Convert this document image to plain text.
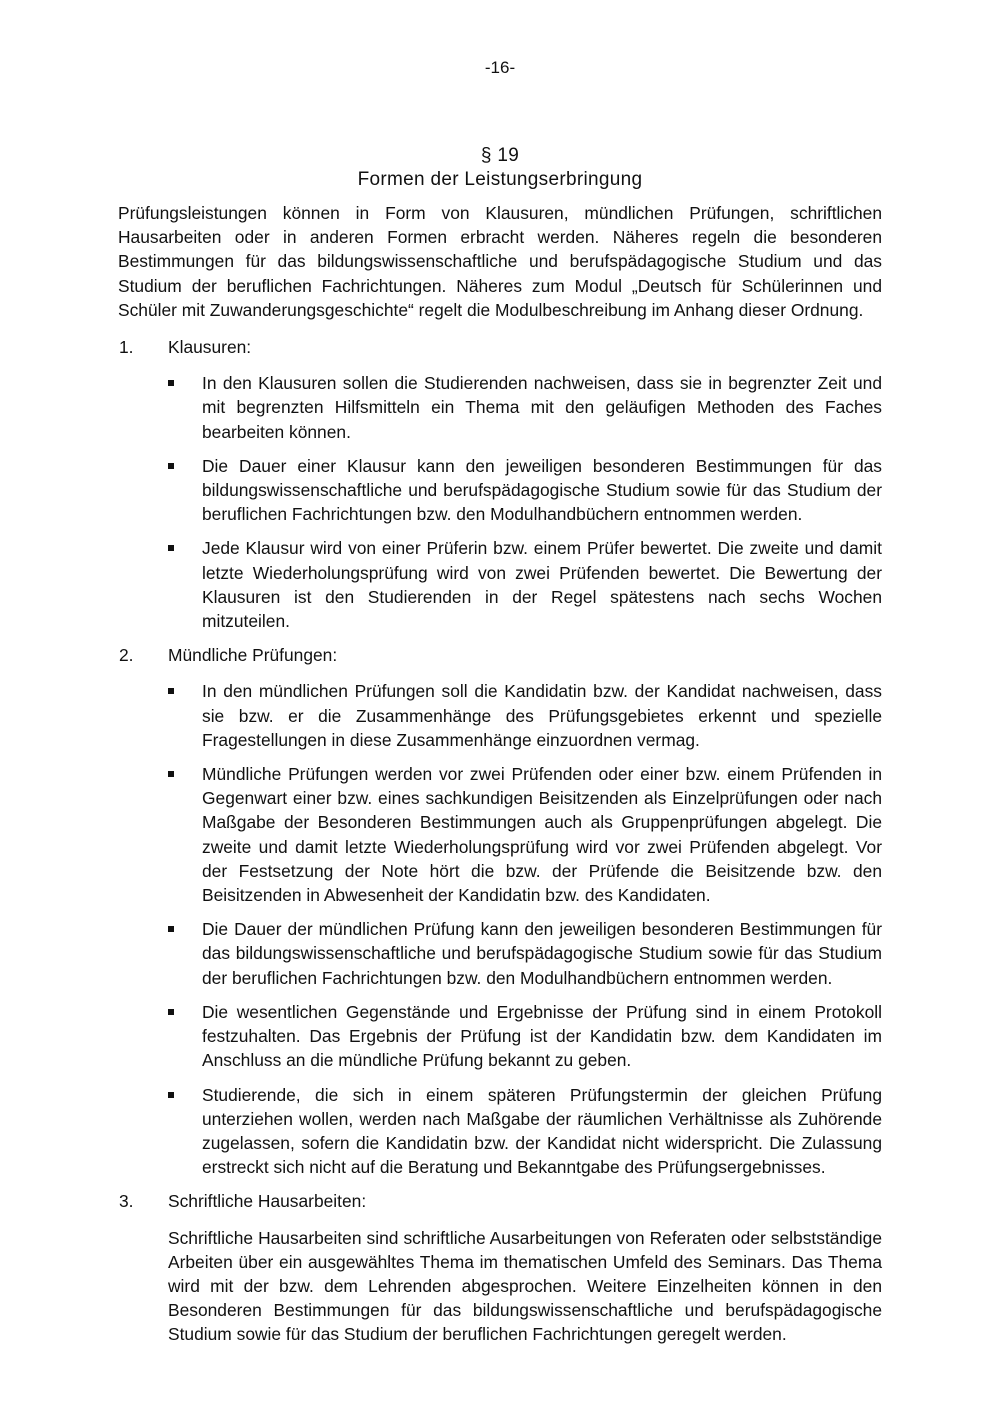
-16-
§ 19
Formen der Leistungserbringung

Prüfungsleistungen können in Form von Klausuren, mündlichen Prüfungen, schriftlichen Hausarbeiten oder in anderen Formen erbracht werden. Näheres regeln die besonderen Bestimmungen für das bildungswissenschaftliche und berufspädagogische Studium und das Studium der beruflichen Fachrichtungen. Näheres zum Modul „Deutsch für Schülerinnen und Schüler mit Zuwanderungsgeschichte“ regelt die Modulbeschreibung im Anhang dieser Ordnung.

1. Klausuren:

In den Klausuren sollen die Studierenden nachweisen, dass sie in begrenzter Zeit und mit begrenzten Hilfsmitteln ein Thema mit den geläufigen Methoden des Faches bearbeiten können.

Die Dauer einer Klausur kann den jeweiligen besonderen Bestimmungen für das bildungswissenschaftliche und berufspädagogische Studium sowie für das Studium der beruflichen Fachrichtungen bzw. den Modulhandbüchern entnommen werden.

Jede Klausur wird von einer Prüferin bzw. einem Prüfer bewertet. Die zweite und damit letzte Wiederholungsprüfung wird von zwei Prüfenden bewertet. Die Bewertung der Klausuren ist den Studierenden in der Regel spätestens nach sechs Wochen mitzuteilen.

2. Mündliche Prüfungen:

In den mündlichen Prüfungen soll die Kandidatin bzw. der Kandidat nachweisen, dass sie bzw. er die Zusammenhänge des Prüfungsgebietes erkennt und spezielle Fragestellungen in diese Zusammenhänge einzuordnen vermag.

Mündliche Prüfungen werden vor zwei Prüfenden oder einer bzw. einem Prüfenden in Gegenwart einer bzw. eines sachkundigen Beisitzenden als Einzelprüfungen oder nach Maßgabe der Besonderen Bestimmungen auch als Gruppenprüfungen abgelegt. Die zweite und damit letzte Wiederholungsprüfung wird vor zwei Prüfenden abgelegt. Vor der Festsetzung der Note hört die bzw. der Prüfende die Beisitzende bzw. den Beisitzenden in Abwesenheit der Kandidatin bzw. des Kandidaten.

Die Dauer der mündlichen Prüfung kann den jeweiligen besonderen Bestimmungen für das bildungswissenschaftliche und berufspädagogische Studium sowie für das Studium der beruflichen Fachrichtungen bzw. den Modulhandbüchern entnommen werden.

Die wesentlichen Gegenstände und Ergebnisse der Prüfung sind in einem Protokoll festzuhalten. Das Ergebnis der Prüfung ist der Kandidatin bzw. dem Kandidaten im Anschluss an die mündliche Prüfung bekannt zu geben.

Studierende, die sich in einem späteren Prüfungstermin der gleichen Prüfung unterziehen wollen, werden nach Maßgabe der räumlichen Verhältnisse als Zuhörende zugelassen, sofern die Kandidatin bzw. der Kandidat nicht widerspricht. Die Zulassung erstreckt sich nicht auf die Beratung und Bekanntgabe des Prüfungsergebnisses.

3. Schriftliche Hausarbeiten:

Schriftliche Hausarbeiten sind schriftliche Ausarbeitungen von Referaten oder selbstständige Arbeiten über ein ausgewähltes Thema im thematischen Umfeld des Seminars. Das Thema wird mit der bzw. dem Lehrenden abgesprochen. Weitere Einzelheiten können in den Besonderen Bestimmungen für das bildungswissenschaftliche und berufspädagogische Studium sowie für das Studium der beruflichen Fachrichtungen geregelt werden.
